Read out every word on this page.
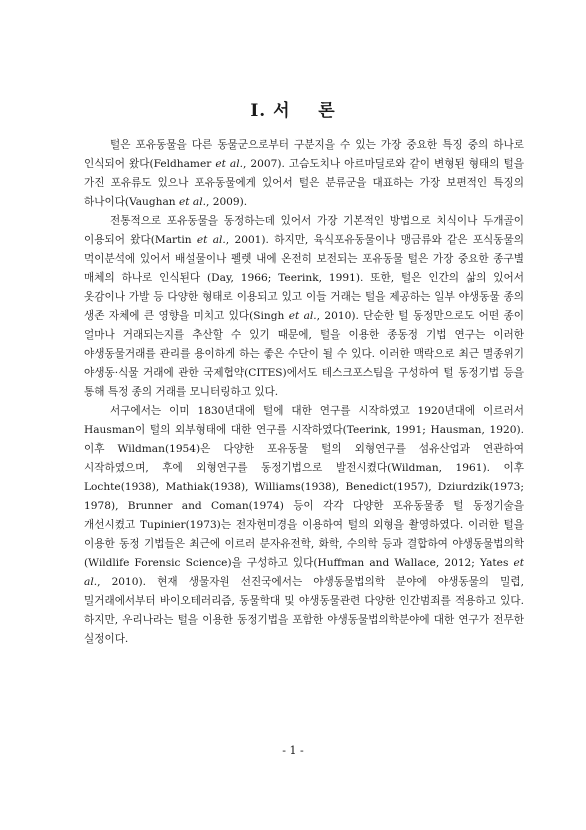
Ⅰ. 서    론

털은 포유동물을 다른 동물군으로부터 구분지을 수 있는 가장 중요한 특징 중의 하나로 인식되어 왔다(Feldhamer et al., 2007). 고슴도치나 아르마딜로와 같이 변형된 형태의 털을 가진 포유류도 있으나 포유동물에게 있어서 털은 분류군을 대표하는 가장 보편적인 특징의 하나이다(Vaughan et al., 2009).

전통적으로 포유동물을 동정하는데 있어서 가장 기본적인 방법으로 치식이나 두개골이 이용되어 왔다(Martin et al., 2001). 하지만, 육식포유동물이나 맹금류와 같은 포식동물의 먹이분석에 있어서 배설물이나 펠렛 내에 온전히 보전되는 포유동물 털은 가장 중요한 종구별 매체의 하나로 인식된다 (Day, 1966; Teerink, 1991). 또한, 털은 인간의 삶의 있어서 옷감이나 가발 등 다양한 형태로 이용되고 있고 이들 거래는 털을 제공하는 일부 야생동물 종의 생존 자체에 큰 영향을 미치고 있다(Singh et al., 2010). 단순한 털 동정만으로도 어떤 종이 얼마나 거래되는지를 추산할 수 있기 때문에, 털을 이용한 종동정 기법 연구는 이러한 야생동물거래를 관리를 용이하게 하는 좋은 수단이 될 수 있다. 이러한 맥락으로 최근 멸종위기 야생동·식물 거래에 관한 국제협약(CITES)에서도 테스크포스팀을 구성하여 털 동정기법 등을 통해 특정 종의 거래를 모니터링하고 있다.

서구에서는 이미 1830년대에 털에 대한 연구를 시작하였고 1920년대에 이르러서 Hausman이 털의 외부형태에 대한 연구를 시작하였다(Teerink, 1991; Hausman, 1920). 이후 Wildman(1954)은 다양한 포유동물 털의 외형연구를 섬유산업과 연관하여 시작하였으며, 후에 외형연구를 동정기법으로 발전시켰다(Wildman, 1961). 이후 Lochte(1938), Mathiak(1938), Williams(1938), Benedict(1957), Dziurdzik(1973; 1978), Brunner and Coman(1974) 등이 각각 다양한 포유동물종 털 동정기술을 개선시켰고 Tupinier(1973)는 전자현미경을 이용하여 털의 외형을 촬영하였다. 이러한 털을 이용한 동정 기법들은 최근에 이르러 분자유전학, 화학, 수의학 등과 결합하여 야생동물법의학(Wildlife Forensic Science)을 구성하고 있다(Huffman and Wallace, 2012; Yates et al., 2010). 현재 생물자원 선진국에서는 야생동물법의학 분야에 야생동물의 밀렵, 밀거래에서부터 바이오테러리즘, 동물학대 및 야생동물관련 다양한 인간범죄를 적용하고 있다. 하지만, 우리나라는 털을 이용한 동정기법을 포함한 야생동물법의학분야에 대한 연구가 전무한 실정이다.

- 1 -
